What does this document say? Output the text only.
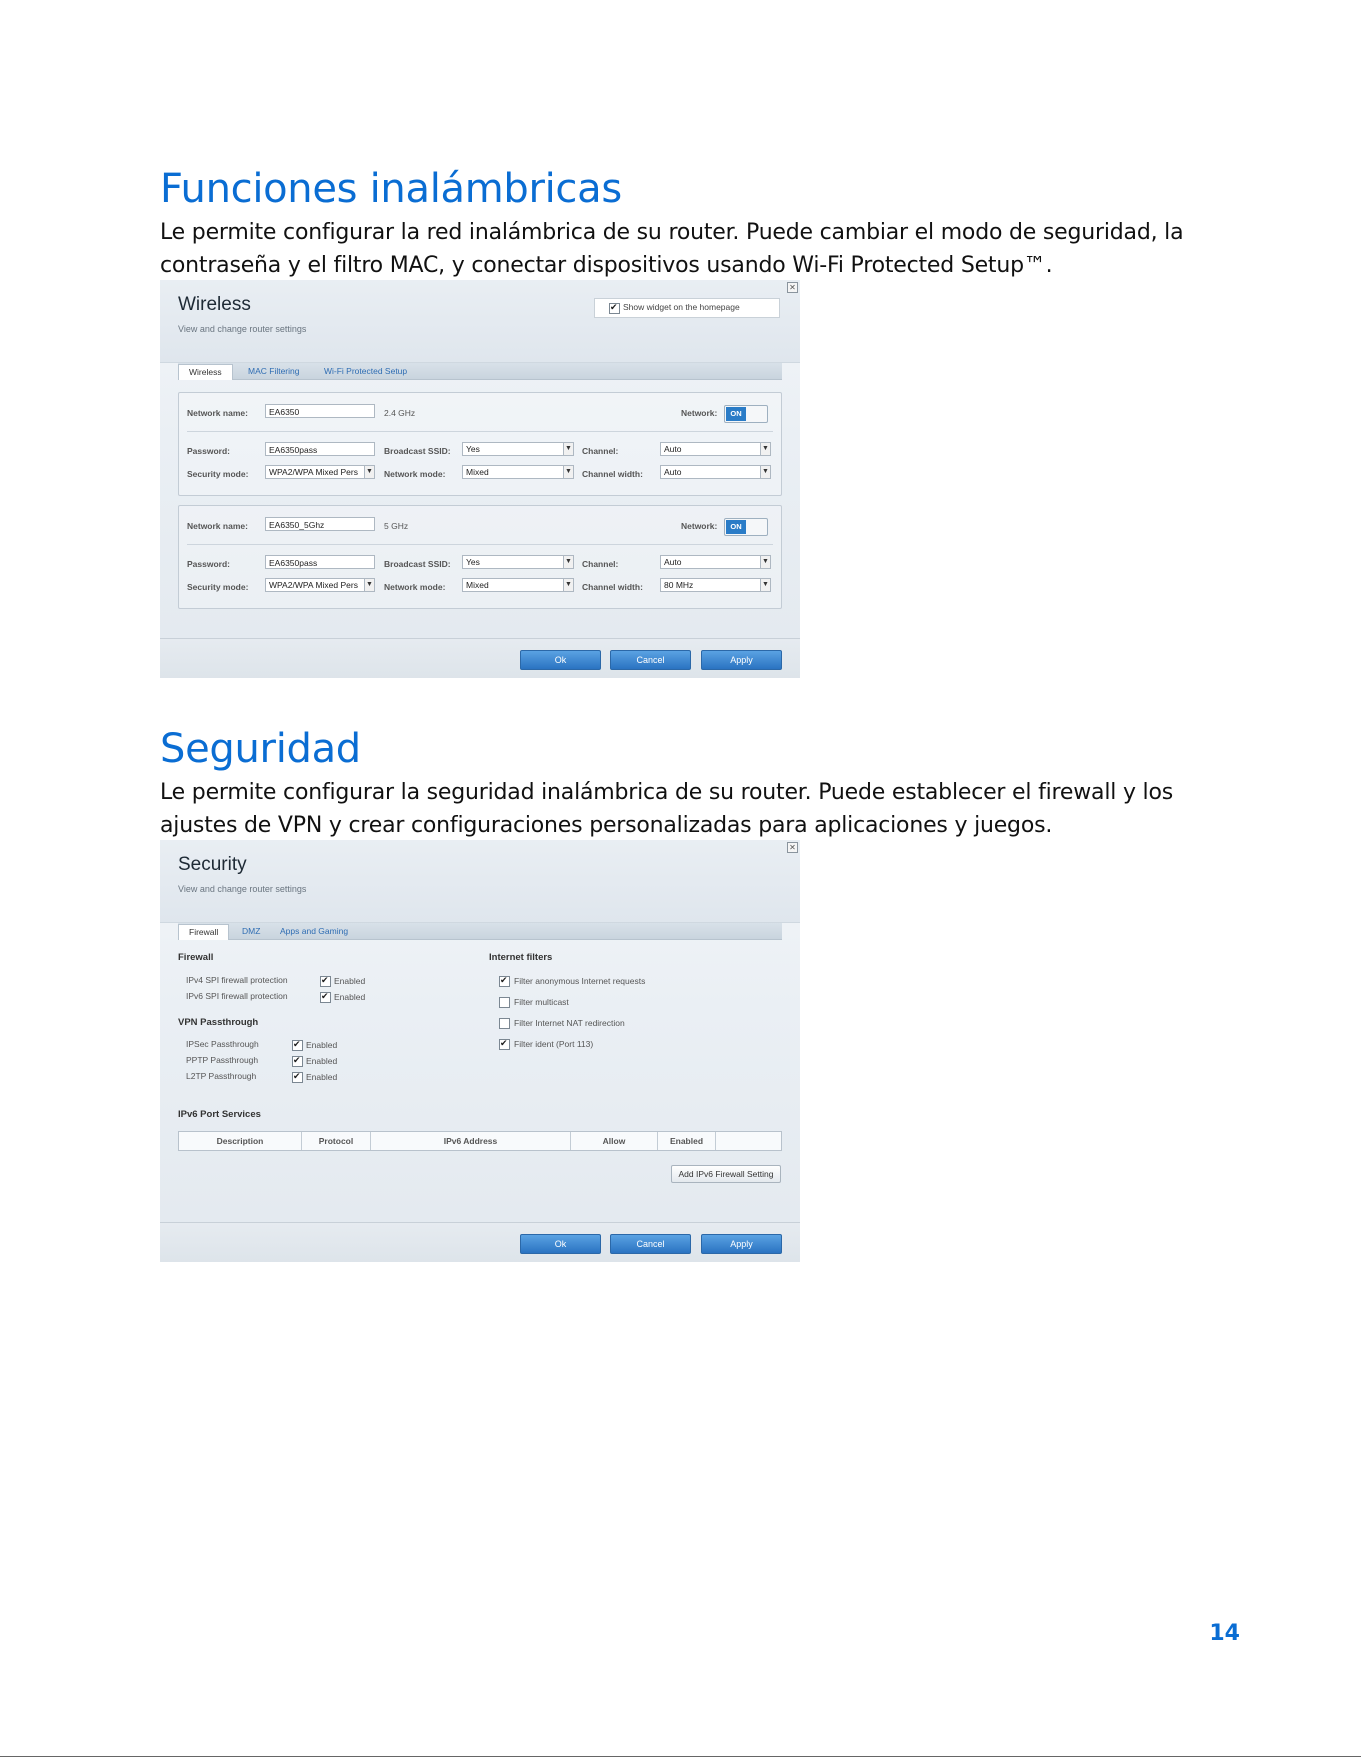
Funciones inalámbricas

Le permite configurar la red inalámbrica de su router. Puede cambiar el modo de seguridad, la contraseña y el filtro MAC, y conectar dispositivos usando Wi-Fi Protected Setup™.

Wireless
View and change router settings
✕
✔
Show widget on the homepage
Wireless	MAC Filtering	Wi-Fi Protected Setup
Network name:	EA6350	2.4 GHz	Network:	ON
Password:	EA6350pass	Broadcast SSID:	Yes	▼ Channel:	Auto	▼
Security mode:	WPA2/WPA Mixed Pers ▼ Network mode:	Mixed	▼ Channel width:	Auto	▼
Network name:	EA6350_5Ghz	5 GHz	Network:	ON
Password:	EA6350pass	Broadcast SSID:	Yes	▼ Channel:	Auto	▼
Security mode:	WPA2/WPA Mixed Pers ▼ Network mode:	Mixed	▼ Channel width:	80 MHz	▼
Ok	Cancel	Apply
Seguridad

Le permite configurar la seguridad inalámbrica de su router. Puede establecer el firewall y los ajustes de VPN y crear configuraciones personalizadas para aplicaciones y juegos.

Security
View and change router settings
✕
Firewall	DMZ	Apps and Gaming
Firewall
IPv4 SPI firewall protection ✔	Enabled
IPv6 SPI firewall protection ✔	Enabled
VPN Passthrough
IPSec Passthrough ✔	Enabled
PPTP Passthrough ✔	Enabled
L2TP Passthrough ✔	Enabled
Internet filters
✔
Filter anonymous Internet requests
Filter multicast
Filter Internet NAT redirection
✔
Filter ident (Port 113)
IPv6 Port Services
Description	Protocol	IPv6 Address	Allow	Enabled
Add IPv6 Firewall Setting
Ok	Cancel	Apply
14
